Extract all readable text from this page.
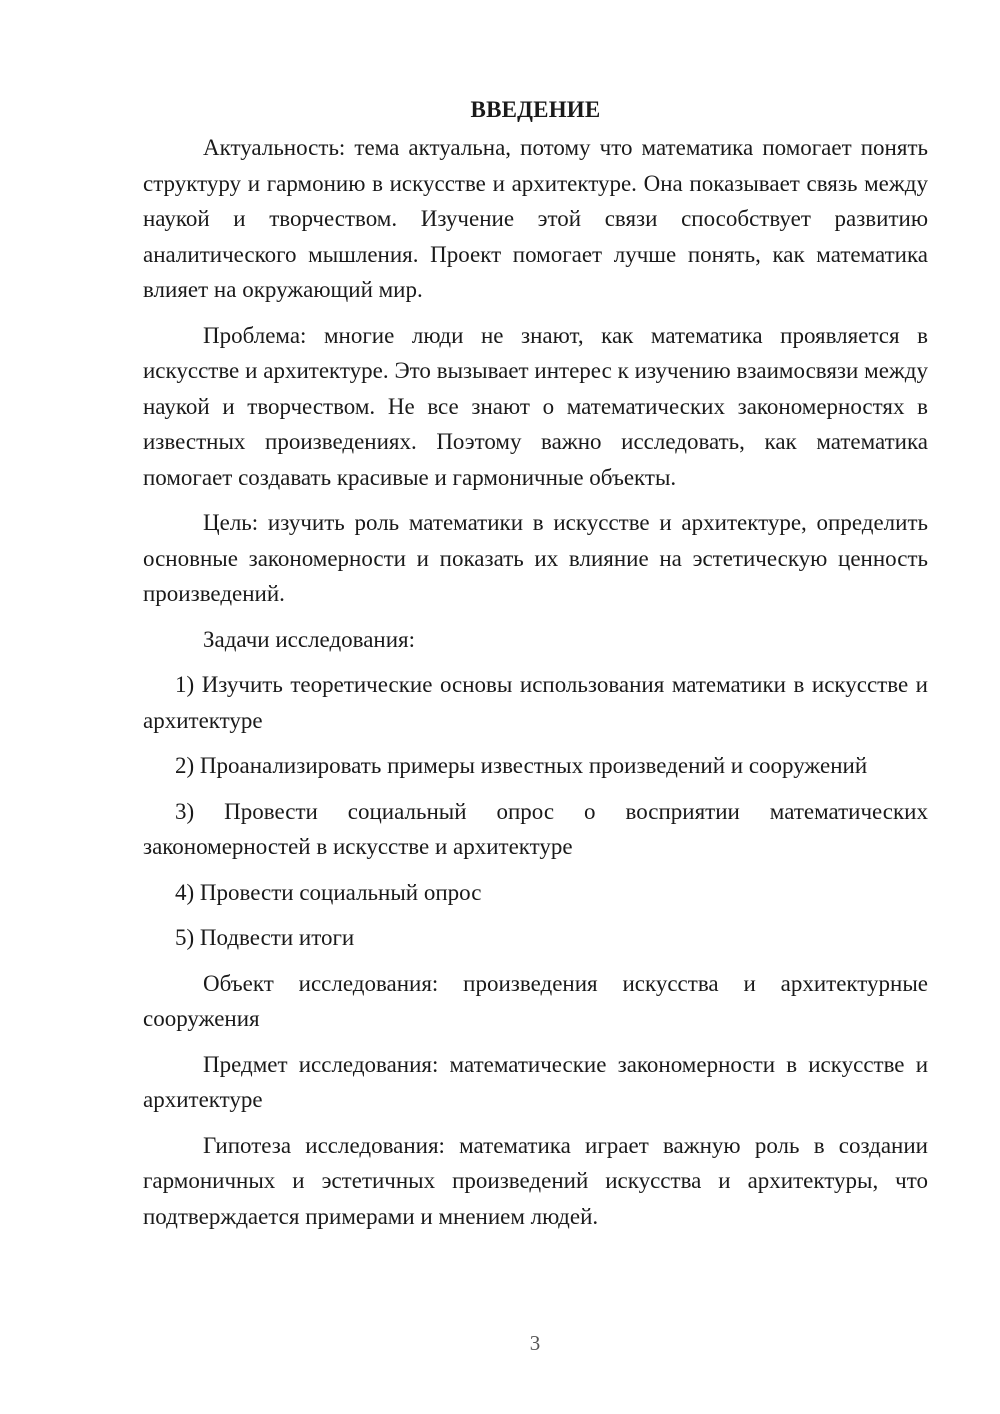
ВВЕДЕНИЕ

Актуальность: тема актуальна, потому что математика помогает понять структуру и гармонию в искусстве и архитектуре. Она показывает связь между наукой и творчеством. Изучение этой связи способствует развитию аналитического мышления. Проект помогает лучше понять, как математика влияет на окружающий мир.

Проблема: многие люди не знают, как математика проявляется в искусстве и архитектуре. Это вызывает интерес к изучению взаимосвязи между наукой и творчеством. Не все знают о математических закономерностях в известных произведениях. Поэтому важно исследовать, как математика помогает создавать красивые и гармоничные объекты.

Цель: изучить роль математики в искусстве и архитектуре, определить основные закономерности и показать их влияние на эстетическую ценность произведений.

Задачи исследования:

1) Изучить теоретические основы использования математики в искусстве и архитектуре

2) Проанализировать примеры известных произведений и сооружений

3) Провести социальный опрос о восприятии математических закономерностей в искусстве и архитектуре

4) Провести социальный опрос

5) Подвести итоги

Объект исследования: произведения искусства и архитектурные сооружения

Предмет исследования: математические закономерности в искусстве и архитектуре

Гипотеза исследования: математика играет важную роль в создании гармоничных и эстетичных произведений искусства и архитектуры, что подтверждается примерами и мнением людей.

3
